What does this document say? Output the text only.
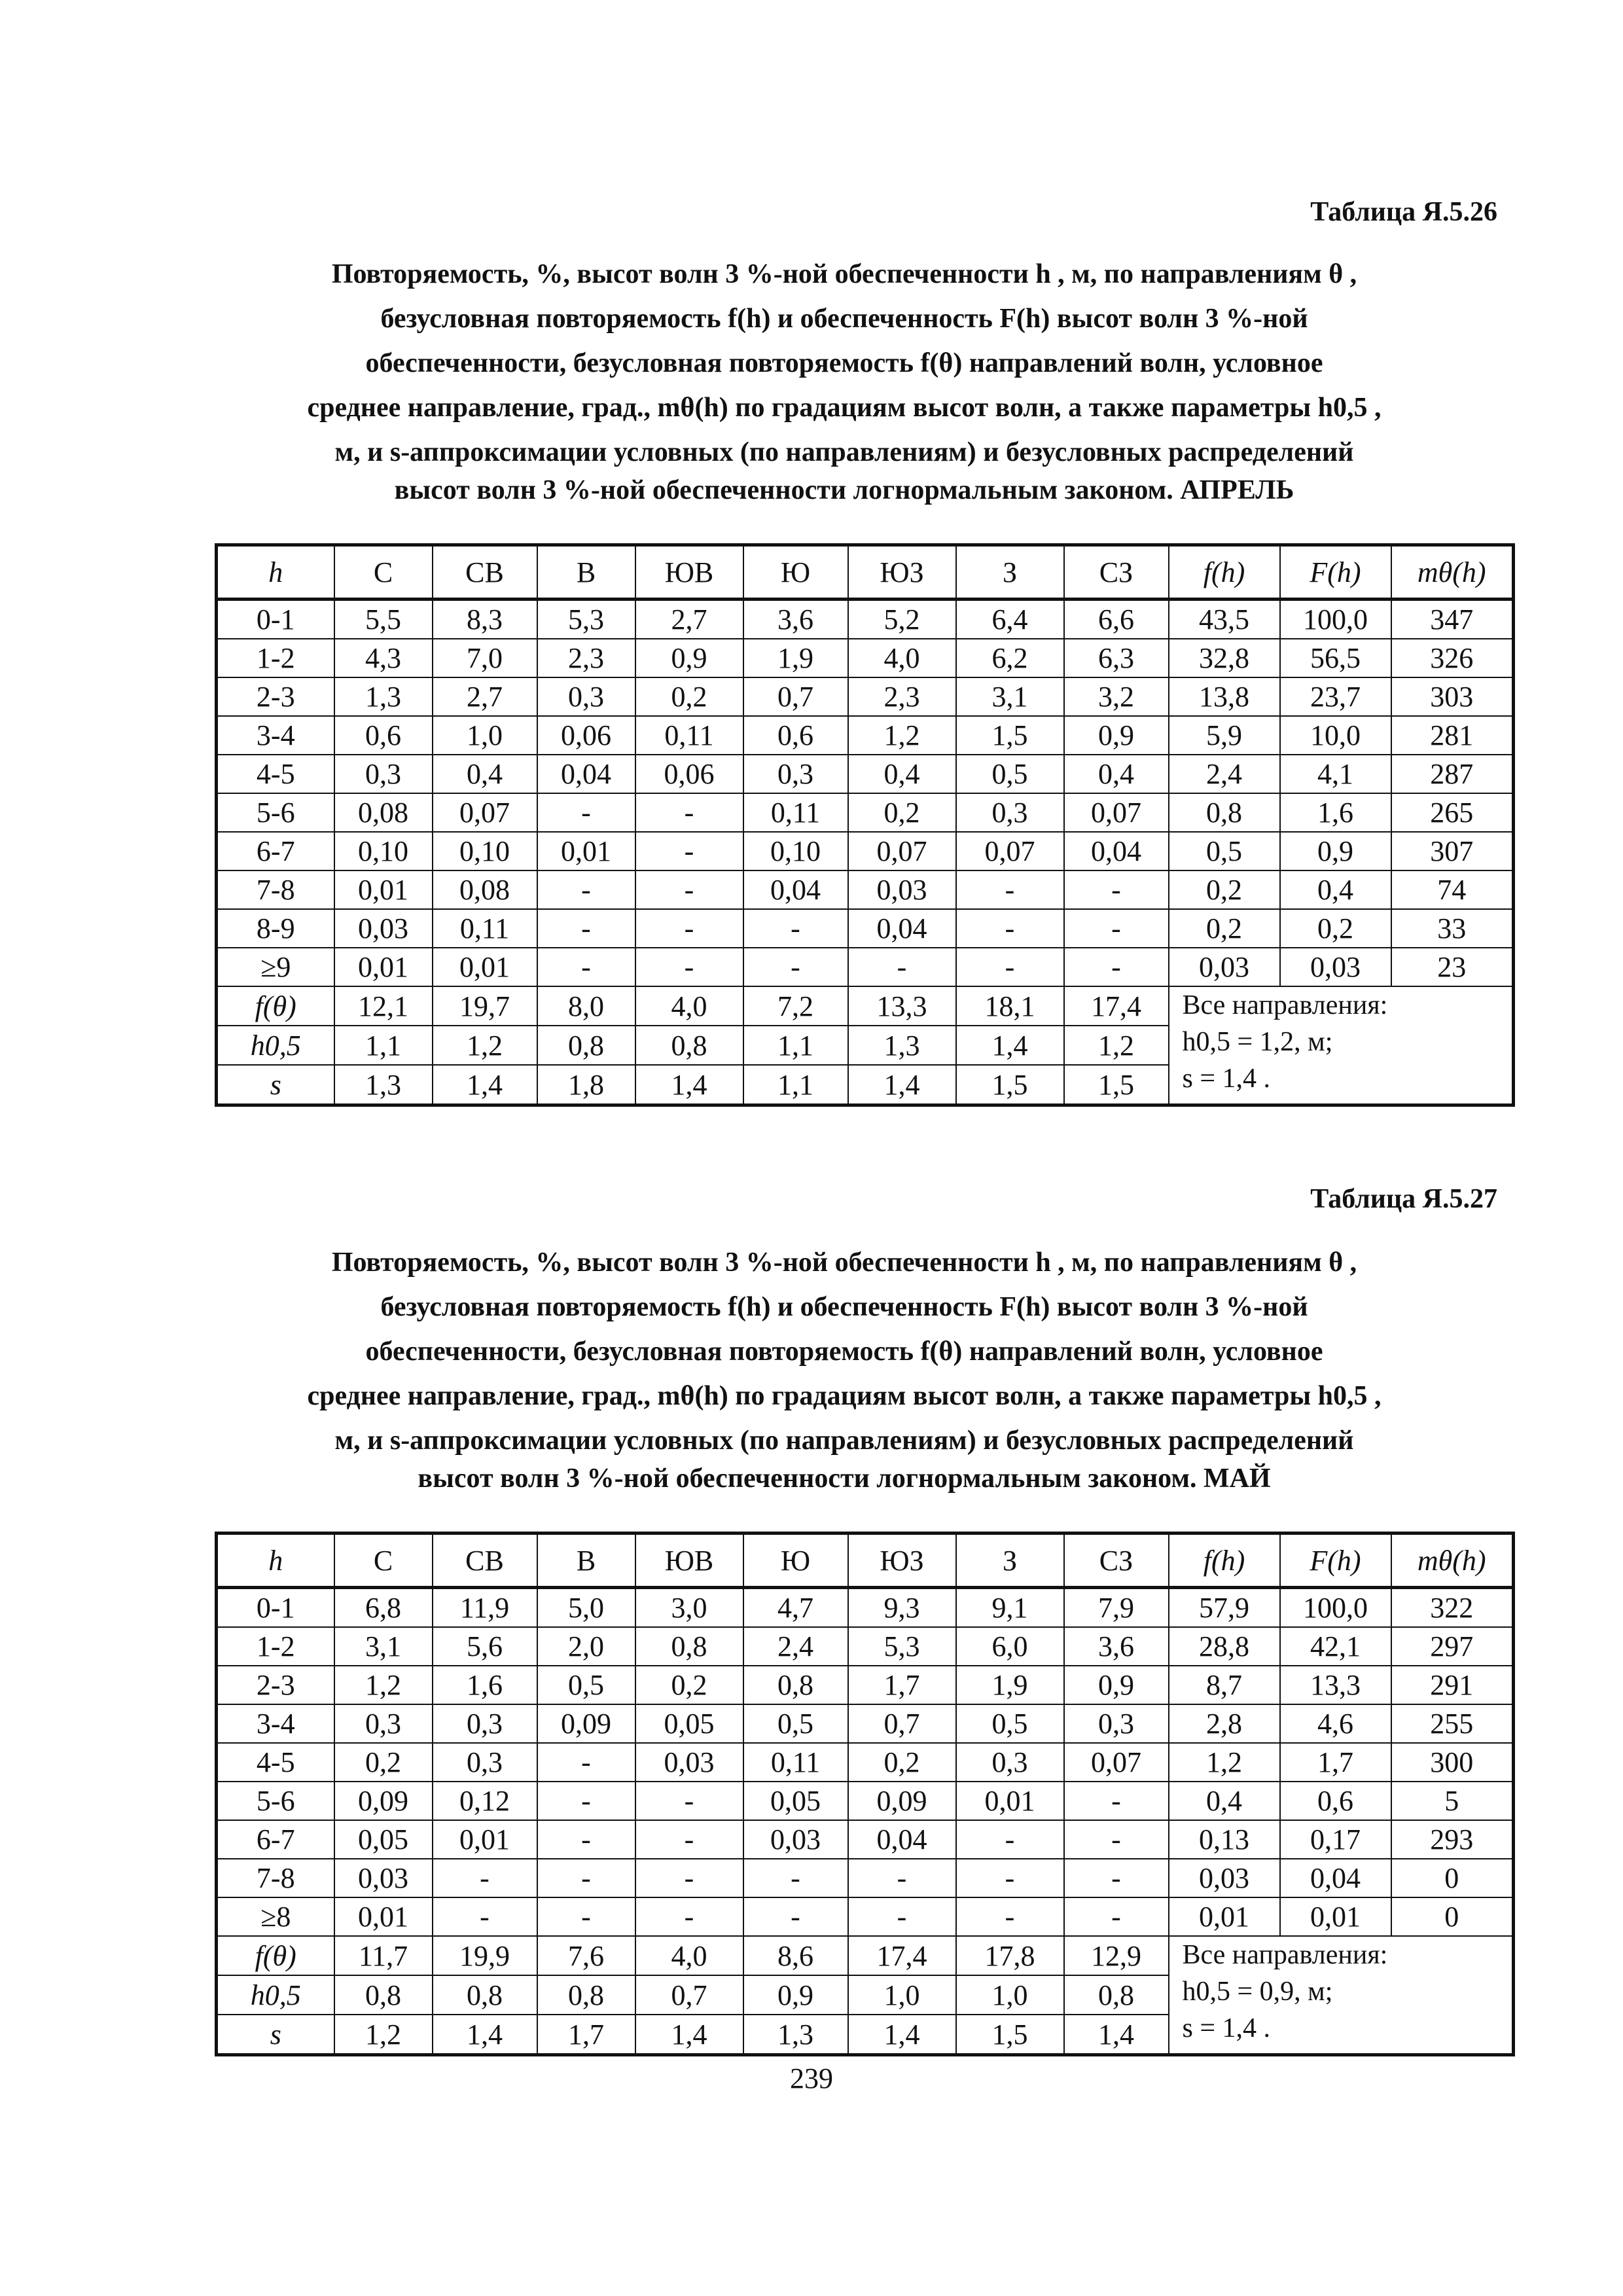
Таблица Я.5.26
Повторяемость, %, высот волн 3 %-ной обеспеченности h , м, по направлениям θ ,
безусловная повторяемость f(h) и обеспеченность F(h) высот волн 3 %-ной
обеспеченности, безусловная повторяемость f(θ) направлений волн, условное
среднее направление, град., mθ(h) по градациям высот волн, а также параметры h0,5 ,
м, и s-аппроксимации условных (по направлениям) и безусловных распределений
высот волн 3 %-ной обеспеченности логнормальным законом. АПРЕЛЬ
h	С	СВ	В	ЮВ	Ю	ЮЗ	З	СЗ	f(h)	F(h)	mθ(h)
0-1	5,5	8,3	5,3	2,7	3,6	5,2	6,4	6,6	43,5	100,0	347
1-2	4,3	7,0	2,3	0,9	1,9	4,0	6,2	6,3	32,8	56,5	326
2-3	1,3	2,7	0,3	0,2	0,7	2,3	3,1	3,2	13,8	23,7	303
3-4	0,6	1,0	0,06	0,11	0,6	1,2	1,5	0,9	5,9	10,0	281
4-5	0,3	0,4	0,04	0,06	0,3	0,4	0,5	0,4	2,4	4,1	287
5-6	0,08	0,07	-	-	0,11	0,2	0,3	0,07	0,8	1,6	265
6-7	0,10	0,10	0,01	-	0,10	0,07	0,07	0,04	0,5	0,9	307
7-8	0,01	0,08	-	-	0,04	0,03	-	-	0,2	0,4	74
8-9	0,03	0,11	-	-	-	0,04	-	-	0,2	0,2	33
≥9	0,01	0,01	-	-	-	-	-	-	0,03	0,03	23
f(θ)	12,1	19,7	8,0	4,0	7,2	13,3	18,1	17,4	Все направления:
h0,5 = 1,2, м;
s = 1,4 .		

h0,5	1,1	1,2	0,8	0,8	1,1	1,3	1,4	1,2			
s	1,3	1,4	1,8	1,4	1,1	1,4	1,5	1,5			
Таблица Я.5.27
Повторяемость, %, высот волн 3 %-ной обеспеченности h , м, по направлениям θ ,
безусловная повторяемость f(h) и обеспеченность F(h) высот волн 3 %-ной
обеспеченности, безусловная повторяемость f(θ) направлений волн, условное
среднее направление, град., mθ(h) по градациям высот волн, а также параметры h0,5 ,
м, и s-аппроксимации условных (по направлениям) и безусловных распределений
высот волн 3 %-ной обеспеченности логнормальным законом. МАЙ
h	С	СВ	В	ЮВ	Ю	ЮЗ	З	СЗ	f(h)	F(h)	mθ(h)
0-1	6,8	11,9	5,0	3,0	4,7	9,3	9,1	7,9	57,9	100,0	322
1-2	3,1	5,6	2,0	0,8	2,4	5,3	6,0	3,6	28,8	42,1	297
2-3	1,2	1,6	0,5	0,2	0,8	1,7	1,9	0,9	8,7	13,3	291
3-4	0,3	0,3	0,09	0,05	0,5	0,7	0,5	0,3	2,8	4,6	255
4-5	0,2	0,3	-	0,03	0,11	0,2	0,3	0,07	1,2	1,7	300
5-6	0,09	0,12	-	-	0,05	0,09	0,01	-	0,4	0,6	5
6-7	0,05	0,01	-	-	0,03	0,04	-	-	0,13	0,17	293
7-8	0,03	-	-	-	-	-	-	-	0,03	0,04	0
≥8	0,01	-	-	-	-	-	-	-	0,01	0,01	0
f(θ)	11,7	19,9	7,6	4,0	8,6	17,4	17,8	12,9	Все направления:
h0,5 = 0,9, м;
s = 1,4 .		

h0,5	0,8	0,8	0,8	0,7	0,9	1,0	1,0	0,8			
s	1,2	1,4	1,7	1,4	1,3	1,4	1,5	1,4			
239
